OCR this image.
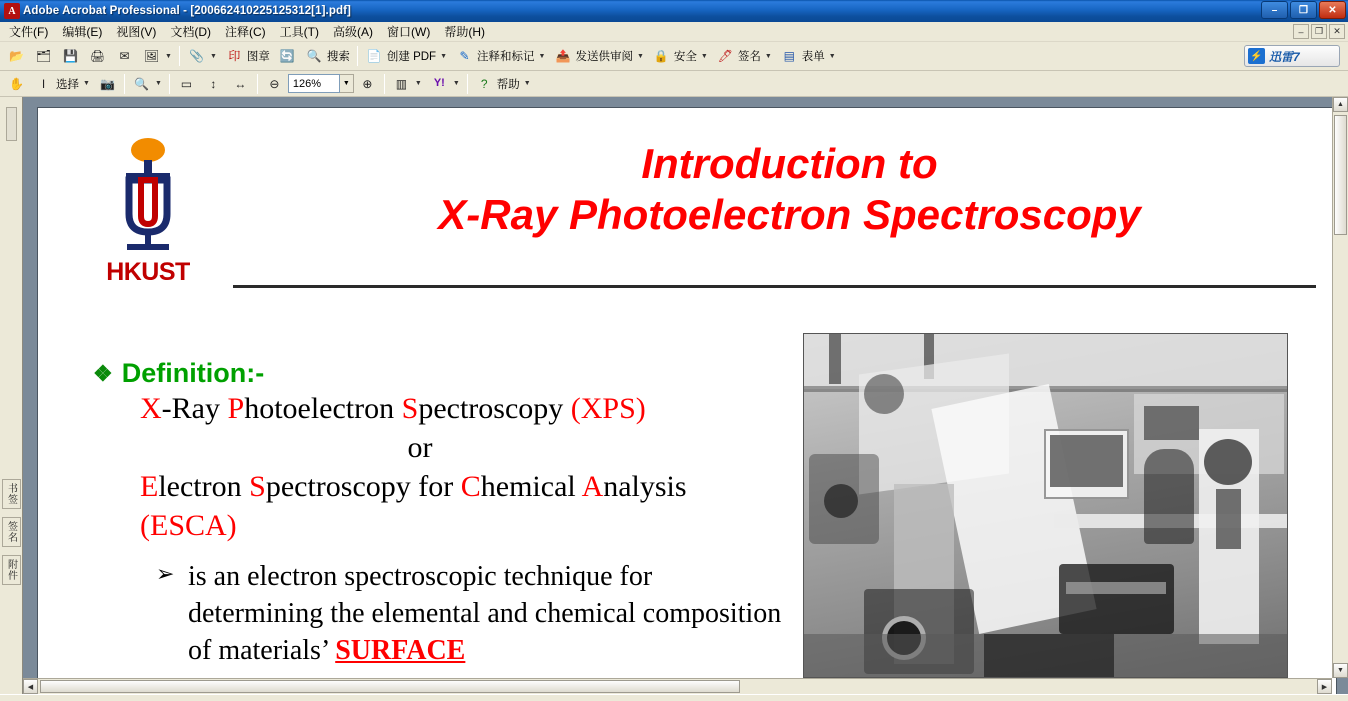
A Adobe Acrobat Professional - [200662410225125312[1].pdf]	–	❐	✕
文件(F)	编辑(E)	视图(V)	文档(D)	注释(C)	工具(T)	高级(A)	窗口(W)	帮助(H)	–	❐	✕
📂 🗂 💾 🖨	✉	🖼 ▼ 📎 ▼ 印 图章 🔄 🔍 搜索 📄 创建 PDF ▼	✎ 注释和标记 ▼ 📤 发送供审阅 ▼ 🔒 安全 ▼ 🖊 签名 ▼ ▤ 表单 ▼	⚡ 迅雷7
✋	I 选择 ▼ 📷 🔍 ▼	▭	↕	↔	⊖	126%	▼	⊕	▥	▼	Y!	▼	? 帮助 ▼
书签
签名
附件
HKUST
Introduction to
X-Ray Photoelectron Spectroscopy
❖ Definition:-
X-Ray Photoelectron Spectroscopy (XPS)
or
Electron Spectroscopy for Chemical Analysis
(ESCA)
➢ is an electron spectroscopic technique for determining the elemental and chemical composition of materials’ SURFACE
▲
▼
◀	▶
